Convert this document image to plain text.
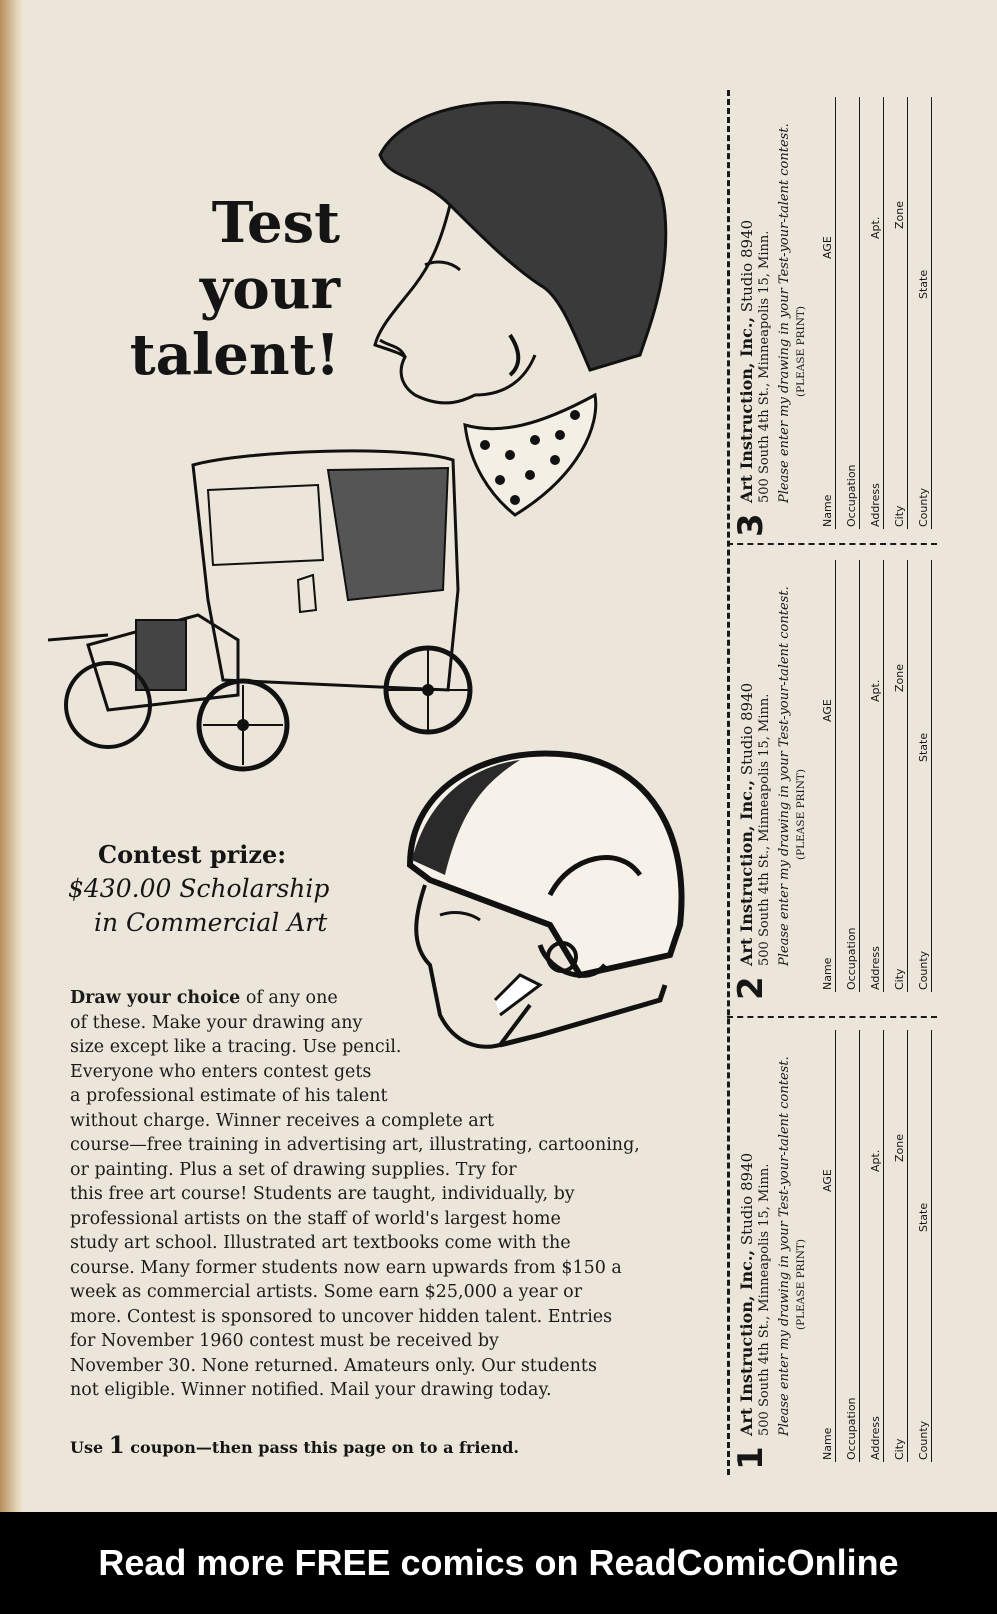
Test
your
talent!
Contest prize:
$430.00 Scholarship
in Commercial Art
Draw your choice of any one
of these. Make your drawing any
size except like a tracing. Use pencil.
Everyone who enters contest gets
a professional estimate of his talent
without charge. Winner receives a complete art
course—free training in advertising art, illustrating, cartooning,
or painting. Plus a set of drawing supplies. Try for
this free art course! Students are taught, individually, by
professional artists on the staff of world's largest home
study art school. Illustrated art textbooks come with the
course. Many former students now earn upwards from $150 a
week as commercial artists. Some earn $25,000 a year or
more. Contest is sponsored to uncover hidden talent. Entries
for November 1960 contest must be received by
November 30. None returned. Amateurs only. Our students
not eligible. Winner notified. Mail your drawing today.
Use 1 coupon—then pass this page on to a friend.
3
Art Instruction, Inc., Studio 8940 500 South 4th St., Minneapolis 15, Minn. Please enter my drawing in your Test-your-talent contest. (PLEASE PRINT)
Name
AGE
Occupation Address
Apt.
City
Zone
County
State
2
Art Instruction, Inc., Studio 8940 500 South 4th St., Minneapolis 15, Minn. Please enter my drawing in your Test-your-talent contest. (PLEASE PRINT)
Name
AGE
Occupation Address
Apt.
City
Zone
County
State
1
Art Instruction, Inc., Studio 8940 500 South 4th St., Minneapolis 15, Minn. Please enter my drawing in your Test-your-talent contest. (PLEASE PRINT)
Name
AGE
Occupation Address
Apt.
City
Zone
County
State
Read more FREE comics on ReadComicOnline
